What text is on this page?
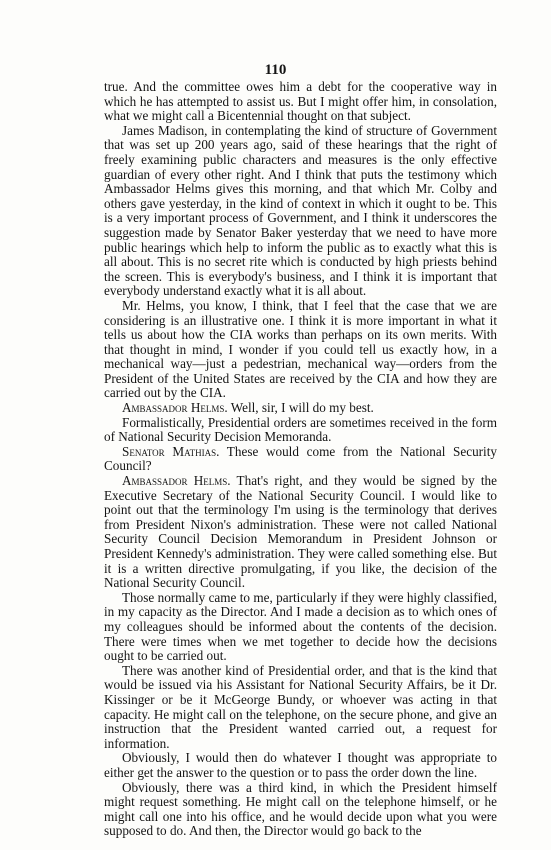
110

true. And the committee owes him a debt for the cooperative way in which he has attempted to assist us. But I might offer him, in consolation, what we might call a Bicentennial thought on that subject.

James Madison, in contemplating the kind of structure of Government that was set up 200 years ago, said of these hearings that the right of freely examining public characters and measures is the only effective guardian of every other right. And I think that puts the testimony which Ambassador Helms gives this morning, and that which Mr. Colby and others gave yesterday, in the kind of context in which it ought to be. This is a very important process of Government, and I think it underscores the suggestion made by Senator Baker yesterday that we need to have more public hearings which help to inform the public as to exactly what this is all about. This is no secret rite which is conducted by high priests behind the screen. This is everybody's business, and I think it is important that everybody understand exactly what it is all about.

Mr. Helms, you know, I think, that I feel that the case that we are considering is an illustrative one. I think it is more important in what it tells us about how the CIA works than perhaps on its own merits. With that thought in mind, I wonder if you could tell us exactly how, in a mechanical way—just a pedestrian, mechanical way—orders from the President of the United States are received by the CIA and how they are carried out by the CIA.

Ambassador Helms. Well, sir, I will do my best.

Formalistically, Presidential orders are sometimes received in the form of National Security Decision Memoranda.

Senator Mathias. These would come from the National Security Council?

Ambassador Helms. That's right, and they would be signed by the Executive Secretary of the National Security Council. I would like to point out that the terminology I'm using is the terminology that derives from President Nixon's administration. These were not called National Security Council Decision Memorandum in President Johnson or President Kennedy's administration. They were called something else. But it is a written directive promulgating, if you like, the decision of the National Security Council.

Those normally came to me, particularly if they were highly classified, in my capacity as the Director. And I made a decision as to which ones of my colleagues should be informed about the contents of the decision. There were times when we met together to decide how the decisions ought to be carried out.

There was another kind of Presidential order, and that is the kind that would be issued via his Assistant for National Security Affairs, be it Dr. Kissinger or be it McGeorge Bundy, or whoever was acting in that capacity. He might call on the telephone, on the secure phone, and give an instruction that the President wanted carried out, a request for information.

Obviously, I would then do whatever I thought was appropriate to either get the answer to the question or to pass the order down the line.

Obviously, there was a third kind, in which the President himself might request something. He might call on the telephone himself, or he might call one into his office, and he would decide upon what you were supposed to do. And then, the Director would go back to the
